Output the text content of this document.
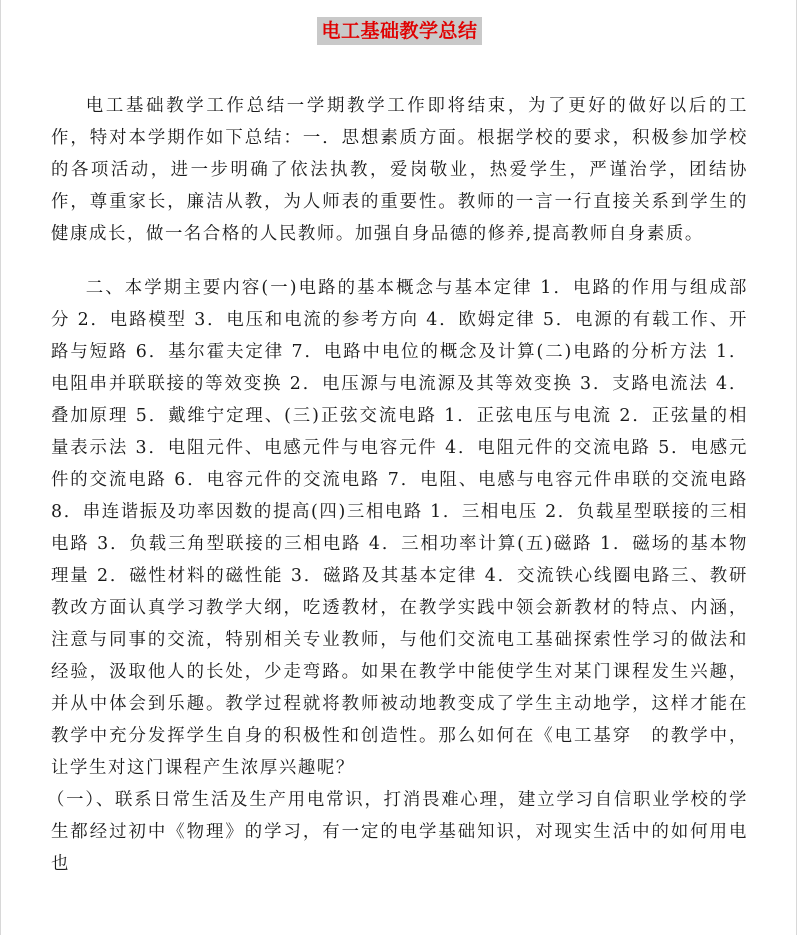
电工基础教学总结

电工基础教学工作总结一学期教学工作即将结束，为了更好的做好以后的工作，特对本学期作如下总结：一．思想素质方面。根据学校的要求，积极参加学校的各项活动，进一步明确了依法执教，爱岗敬业，热爱学生，严谨治学，团结协作，尊重家长，廉洁从教，为人师表的重要性。教师的一言一行直接关系到学生的健康成长，做一名合格的人民教师。加强自身品德的修养,提高教师自身素质。

二、本学期主要内容(一)电路的基本概念与基本定律 1．电路的作用与组成部分 2．电路模型 3．电压和电流的参考方向 4．欧姆定律 5．电源的有载工作、开路与短路 6．基尔霍夫定律 7．电路中电位的概念及计算(二)电路的分析方法 1．电阻串并联联接的等效变换 2．电压源与电流源及其等效变换 3．支路电流法 4．叠加原理 5．戴维宁定理、(三)正弦交流电路 1．正弦电压与电流 2．正弦量的相量表示法 3．电阻元件、电感元件与电容元件 4．电阻元件的交流电路 5．电感元件的交流电路 6．电容元件的交流电路 7．电阻、电感与电容元件串联的交流电路 8．串连谐振及功率因数的提高(四)三相电路 1．三相电压 2．负载星型联接的三相电路 3．负载三角型联接的三相电路 4．三相功率计算(五)磁路 1．磁场的基本物理量 2．磁性材料的磁性能 3．磁路及其基本定律 4．交流铁心线圈电路三、教研教改方面认真学习教学大纲，吃透教材，在教学实践中领会新教材的特点、内涵，注意与同事的交流，特别相关专业教师，与他们交流电工基础探索性学习的做法和经验，汲取他人的长处，少走弯路。如果在教学中能使学生对某门课程发生兴趣，并从中体会到乐趣。教学过程就将教师被动地教变成了学生主动地学，这样才能在教学中充分发挥学生自身的积极性和创造性。那么如何在《电工基穿　的教学中，让学生对这门课程产生浓厚兴趣呢？

（一）、联系日常生活及生产用电常识，打消畏难心理，建立学习自信职业学校的学生都经过初中《物理》的学习，有一定的电学基础知识，对现实生活中的如何用电也
